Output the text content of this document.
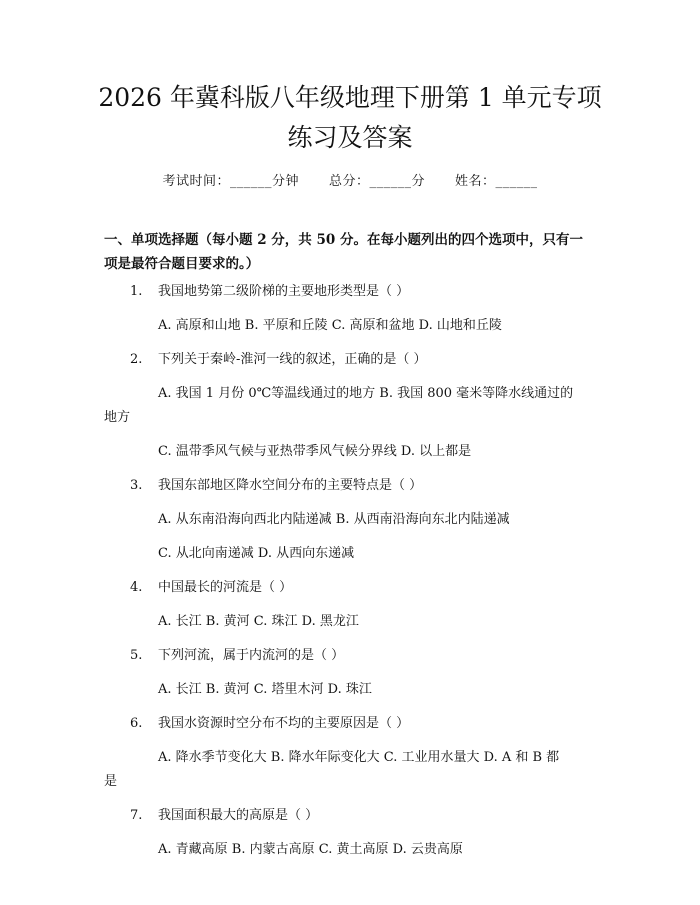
2026 年冀科版八年级地理下册第 1 单元专项
练习及答案
考试时间：______分钟 总分：______分 姓名：______
一、单项选择题（每小题 2 分，共 50 分。在每小题列出的四个选项中，只有一项是最符合题目要求的。）
1. 我国地势第二级阶梯的主要地形类型是（ ）
A. 高原和山地 B. 平原和丘陵 C. 高原和盆地 D. 山地和丘陵
2. 下列关于秦岭-淮河一线的叙述，正确的是（ ）
A. 我国 1 月份 0℃等温线通过的地方 B. 我国 800 毫米等降水线通过的
地方
C. 温带季风气候与亚热带季风气候分界线 D. 以上都是
3. 我国东部地区降水空间分布的主要特点是（ ）
A. 从东南沿海向西北内陆递减 B. 从西南沿海向东北内陆递减
C. 从北向南递减 D. 从西向东递减
4. 中国最长的河流是（ ）
A. 长江 B. 黄河 C. 珠江 D. 黑龙江
5. 下列河流，属于内流河的是（ ）
A. 长江 B. 黄河 C. 塔里木河 D. 珠江
6. 我国水资源时空分布不均的主要原因是（ ）
A. 降水季节变化大 B. 降水年际变化大 C. 工业用水量大 D. A 和 B 都
是
7. 我国面积最大的高原是（ ）
A. 青藏高原 B. 内蒙古高原 C. 黄土高原 D. 云贵高原
